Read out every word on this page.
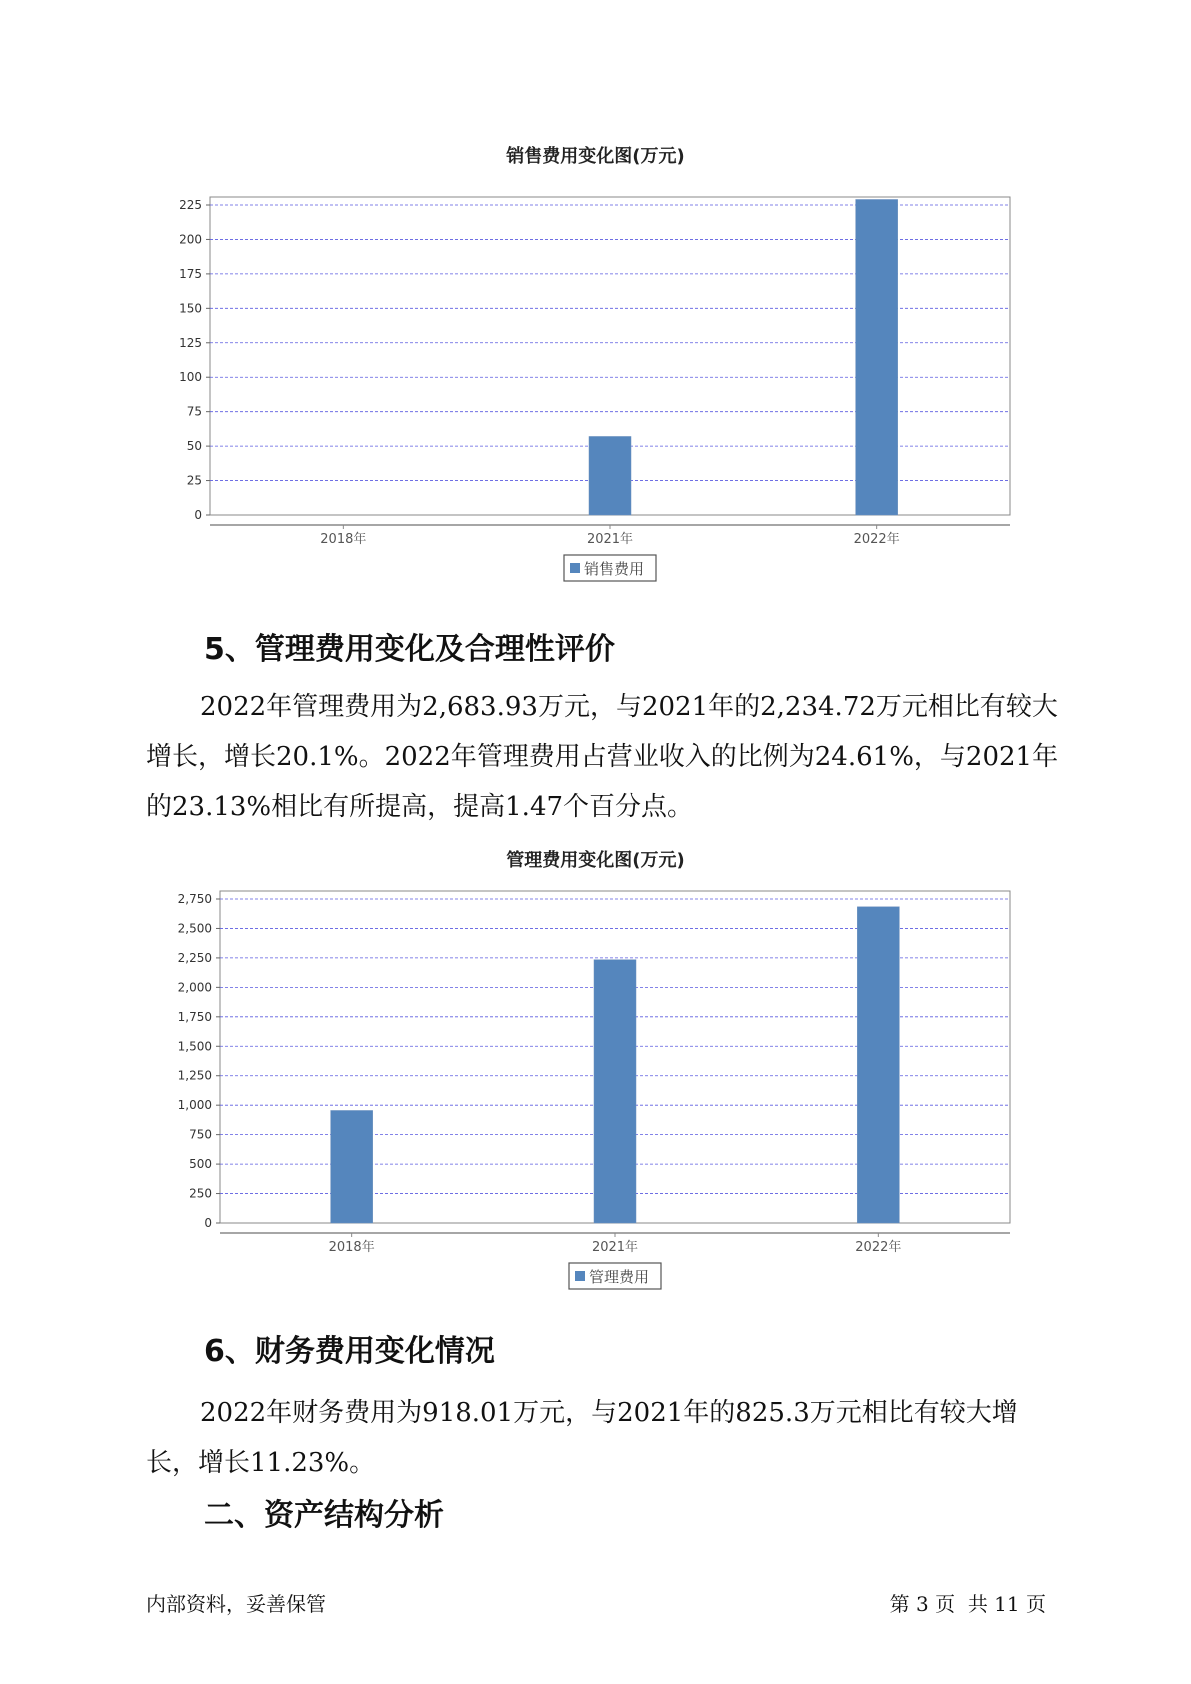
销售费用变化图(万元)
0
25
50
75
100
125
150
175
200
225
2018年	2021年	2022年
销售费用
5、管理费用变化及合理性评价

2022年管理费用为2,683.93万元，与2021年的2,234.72万元相比有较大增长，增长20.1%。2022年管理费用占营业收入的比例为24.61%，与2021年的23.13%相比有所提高，提高1.47个百分点。

管理费用变化图(万元)
0
250
500
750
1,000
1,250
1,500
1,750
2,000
2,250
2,500
2,750
2018年	2021年	2022年
管理费用
6、财务费用变化情况

2022年财务费用为918.01万元，与2021年的825.3万元相比有较大增长，增长11.23%。

二、资产结构分析
内部资料，妥善保管	第 3 页  共 11 页
